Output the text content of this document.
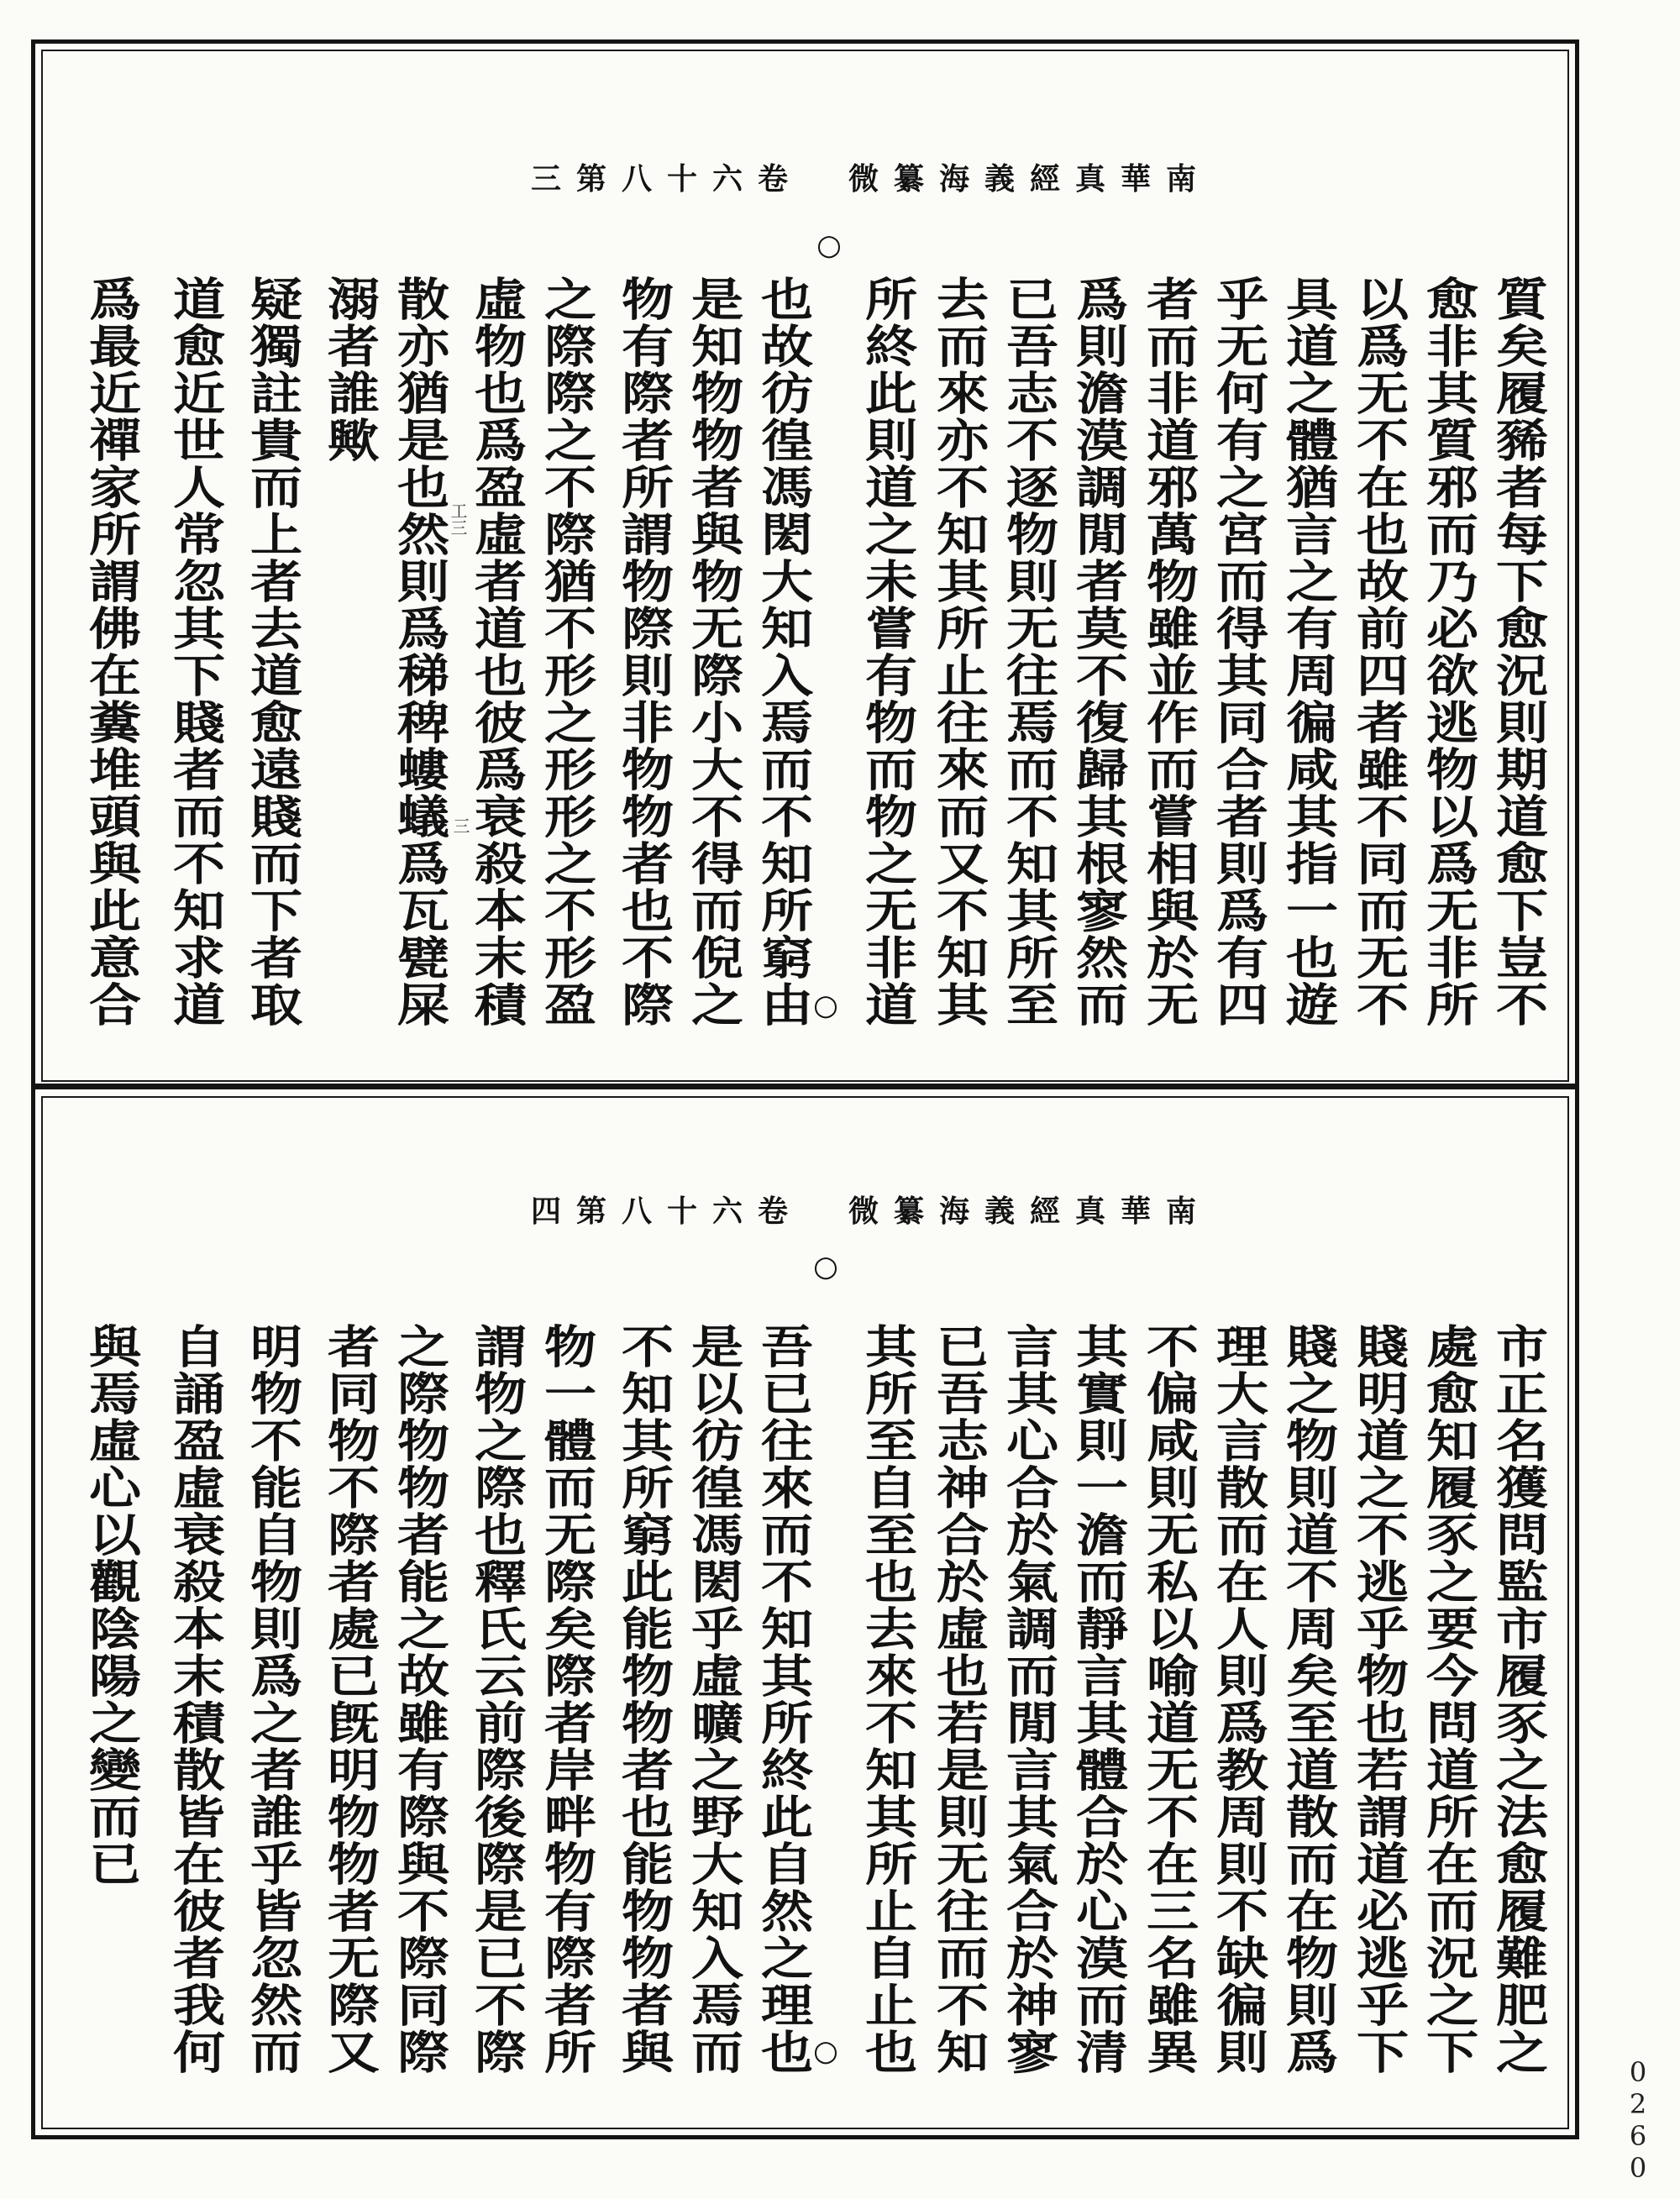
南華真經義海纂微　卷六十八第三
○
○	質矣履豨者每下愈況則期道愈下豈不
愈非其質邪而乃必欲逃物以爲无非所
以爲无不在也故前四者雖不同而无不
具道之體猶言之有周徧咸其指一也遊
乎无何有之宮而得其同合者則爲有四
者而非道邪萬物雖並作而嘗相與於无
爲則澹漠調閒者莫不復歸其根寥然而
已吾志不逐物則无往焉而不知其所至
去而來亦不知其所止往來而又不知其
所終此則道之未嘗有物而物之无非道
也故彷徨馮閎大知入焉而不知所窮由
是知物物者與物无際小大不得而倪之
物有際者所謂物際則非物物者也不際
之際際之不際猶不形之形形之不形盈
虛物也爲盈虛者道也彼爲衰殺本末積
散亦猶是也然則爲稊稗螻蟻爲瓦甓屎
溺者誰歟
疑獨註貴而上者去道愈遠賤而下者取
道愈近世人常忽其下賤者而不知求道
爲最近禪家所謂佛在糞堆頭與此意合	工三
三
南華真經義海纂微　卷六十八第四
○
○	市正名獲問監市履豕之法愈履難肥之
處愈知履豕之要今問道所在而況之下
賤明道之不逃乎物也若謂道必逃乎下
賤之物則道不周矣至道散而在物則爲
理大言散而在人則爲教周則不缺徧則
不偏咸則无私以喻道无不在三名雖異
其實則一澹而靜言其體合於心漠而清
言其心合於氣調而閒言其氣合於神寥
已吾志神合於虛也若是則无往而不知
其所至自至也去來不知其所止自止也
吾已往來而不知其所終此自然之理也
是以彷徨馮閎乎虛曠之野大知入焉而
不知其所窮此能物物者也能物物者與
物一體而无際矣際者岸畔物有際者所
謂物之際也釋氏云前際後際是已不際
之際物物者能之故雖有際與不際同際
者同物不際者處已旣明物物者无際又
明物不能自物則爲之者誰乎皆忽然而
自誦盈虛衰殺本末積散皆在彼者我何
與焉虛心以觀陰陽之變而已
0260
